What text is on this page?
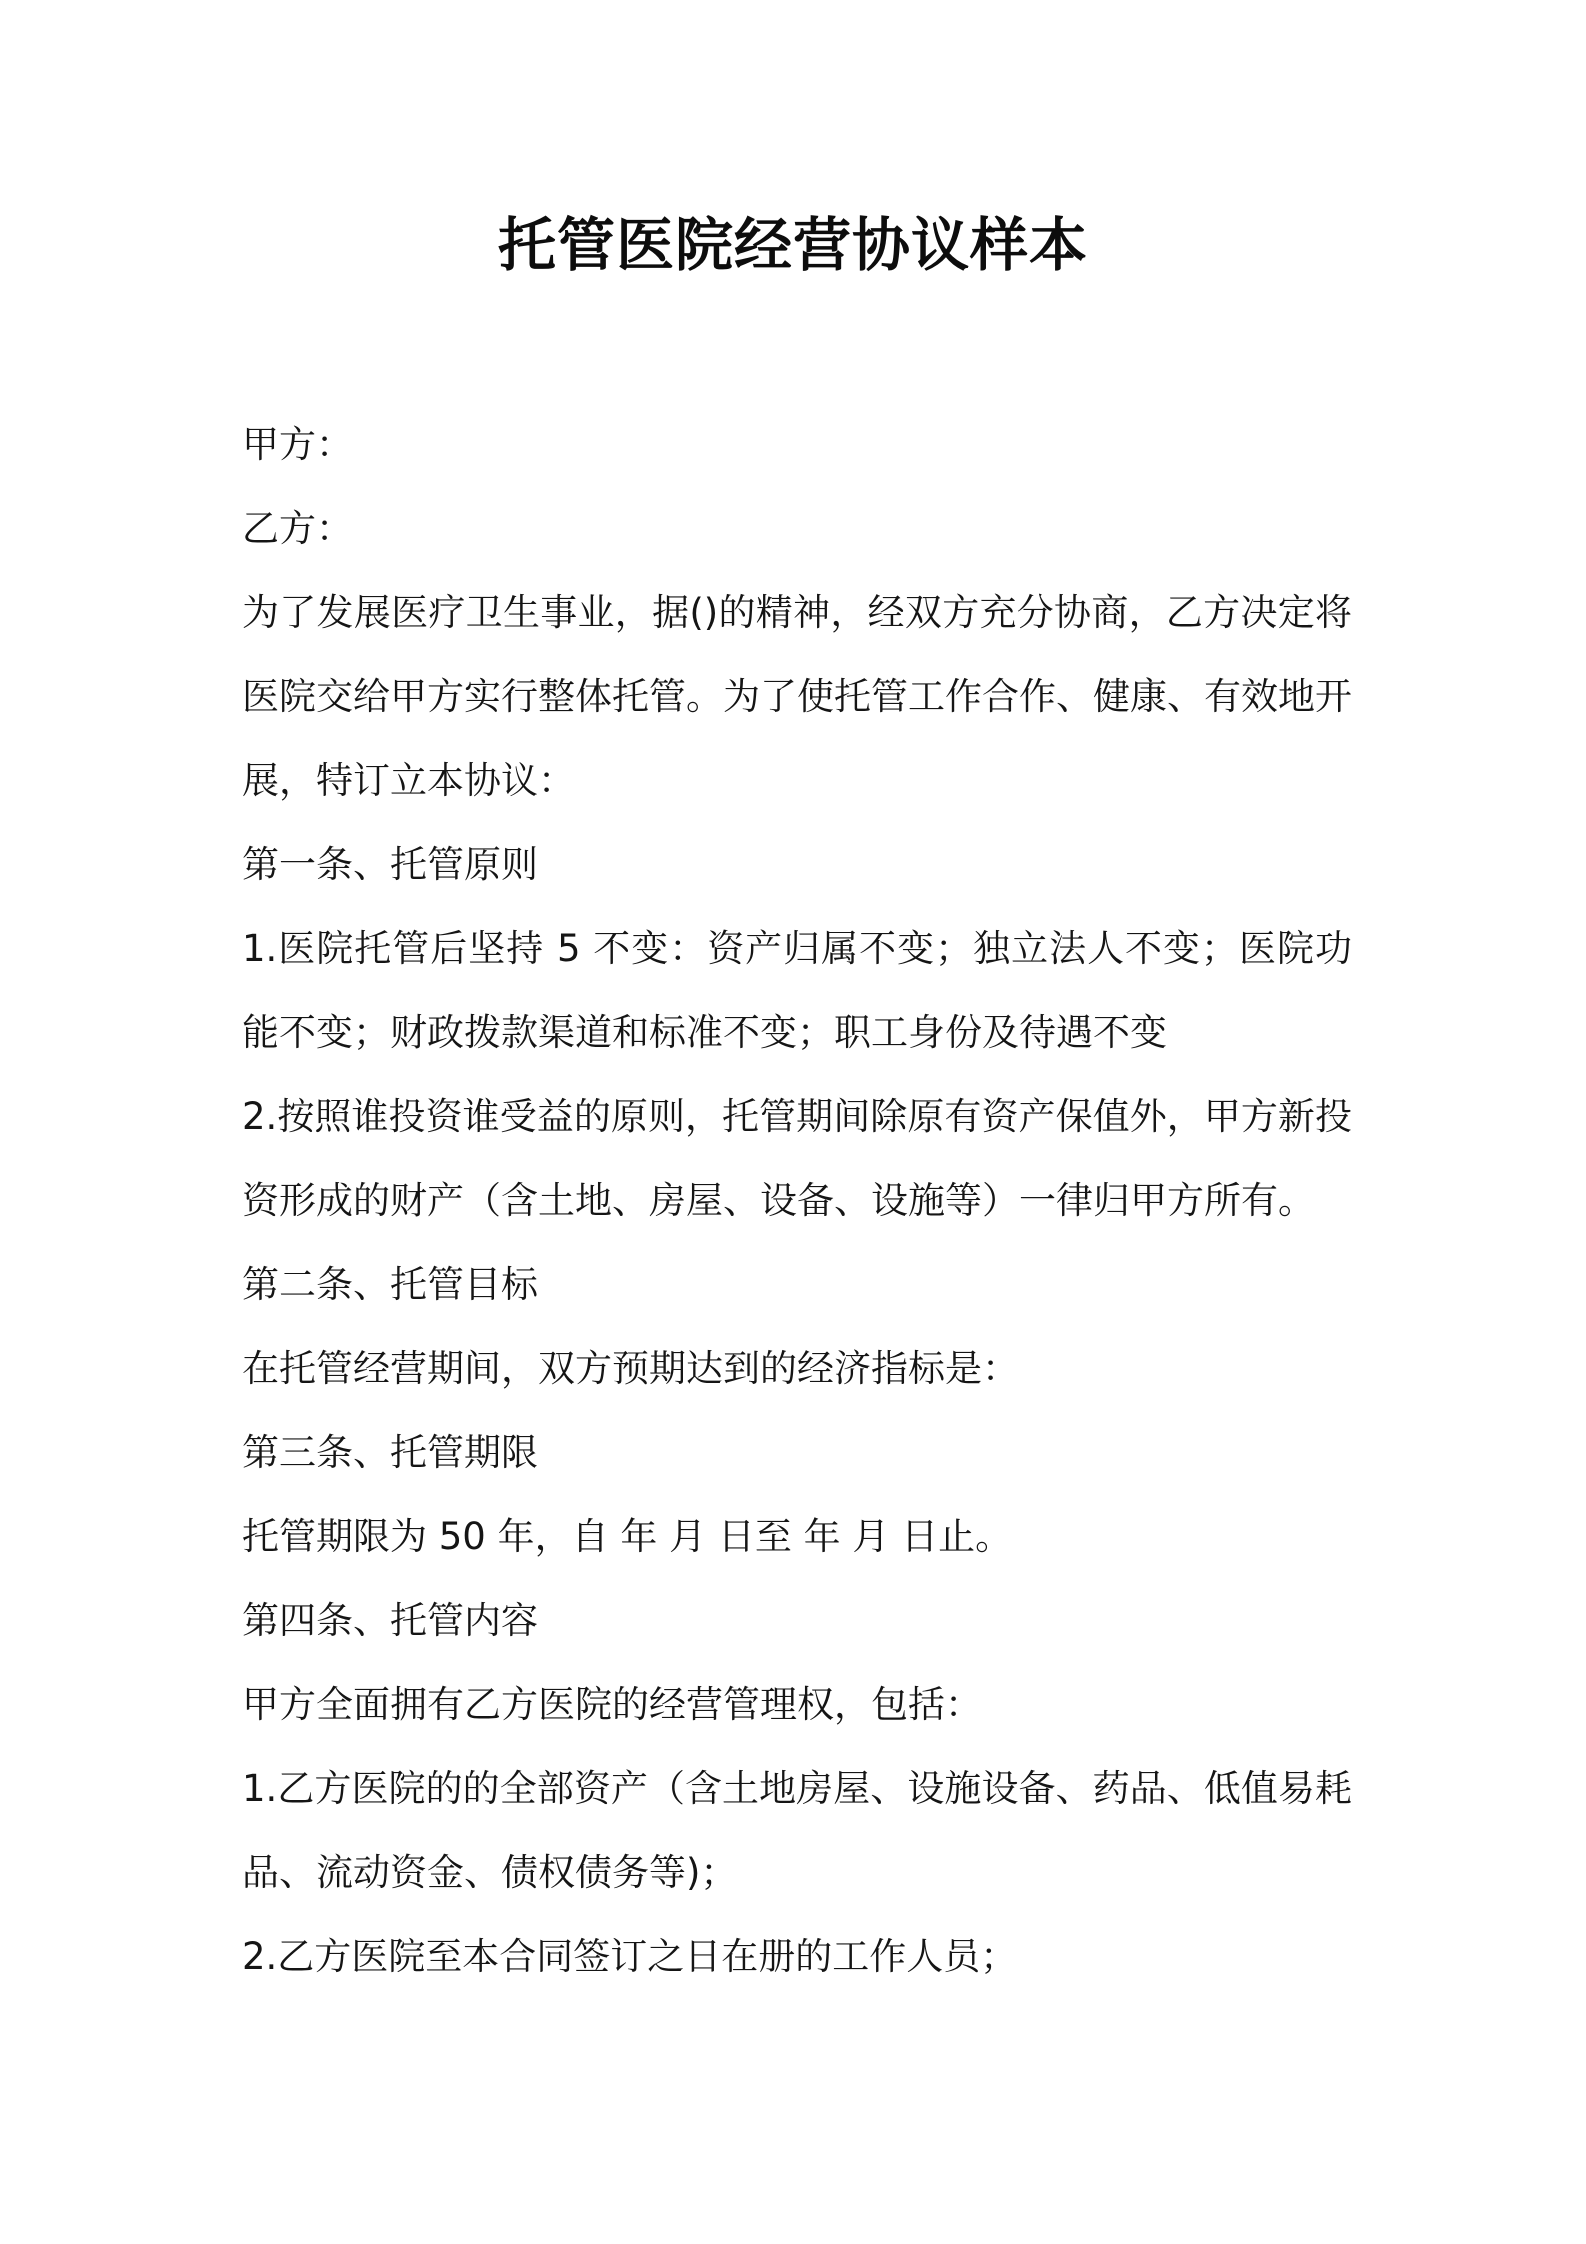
托管医院经营协议样本

甲方：

乙方：

为了发展医疗卫生事业，据()的精神，经双方充分协商，乙方决定将医院交给甲方实行整体托管。为了使托管工作合作、健康、有效地开展，特订立本协议：

第一条、托管原则

1.医院托管后坚持 5 不变：资产归属不变；独立法人不变；医院功能不变；财政拨款渠道和标准不变；职工身份及待遇不变

2.按照谁投资谁受益的原则，托管期间除原有资产保值外，甲方新投资形成的财产（含土地、房屋、设备、设施等）一律归甲方所有。

第二条、托管目标

在托管经营期间，双方预期达到的经济指标是：

第三条、托管期限

托管期限为 50 年，自 年 月 日至 年 月 日止。

第四条、托管内容

甲方全面拥有乙方医院的经营管理权，包括：

1.乙方医院的的全部资产（含土地房屋、设施设备、药品、低值易耗品、流动资金、债权债务等)；

2.乙方医院至本合同签订之日在册的工作人员；
